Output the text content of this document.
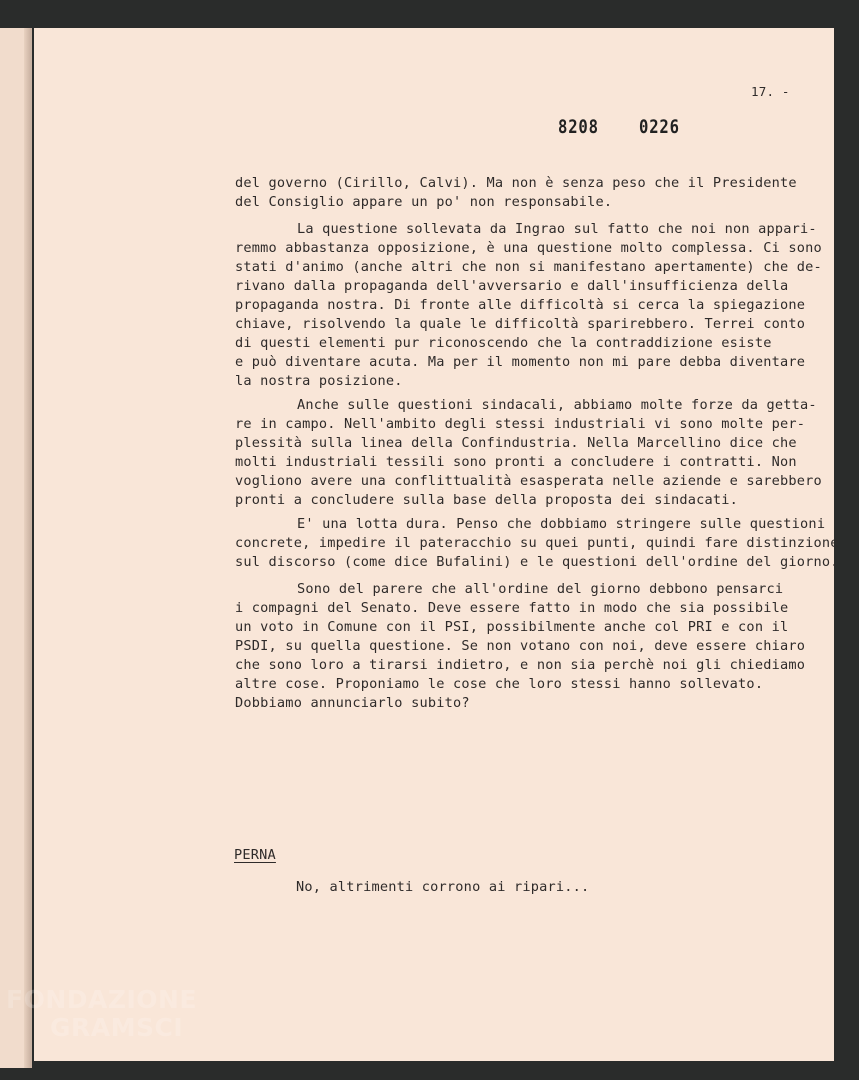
17. -
8208 0226
del governo (Cirillo, Calvi). Ma non è senza peso che il Presidente
del Consiglio appare un po' non responsabile.
La questione sollevata da Ingrao sul fatto che noi non appari-
remmo abbastanza opposizione, è una questione molto complessa. Ci sono
stati d'animo (anche altri che non si manifestano apertamente) che de-
rivano dalla propaganda dell'avversario e dall'insufficienza della
propaganda nostra. Di fronte alle difficoltà si cerca la spiegazione
chiave, risolvendo la quale le difficoltà sparirebbero. Terrei conto
di questi elementi pur riconoscendo che la contraddizione esiste
e può diventare acuta. Ma per il momento non mi pare debba diventare
la nostra posizione.
Anche sulle questioni sindacali, abbiamo molte forze da getta-
re in campo. Nell'ambito degli stessi industriali vi sono molte per-
plessità sulla linea della Confindustria. Nella Marcellino dice che
molti industriali tessili sono pronti a concludere i contratti. Non
vogliono avere una conflittualità esasperata nelle aziende e sarebbero
pronti a concludere sulla base della proposta dei sindacati.
E' una lotta dura. Penso che dobbiamo stringere sulle questioni
concrete, impedire il pateracchio su quei punti, quindi fare distinzione
sul discorso (come dice Bufalini) e le questioni dell'ordine del giorno.
Sono del parere che all'ordine del giorno debbono pensarci
i compagni del Senato. Deve essere fatto in modo che sia possibile
un voto in Comune con il PSI, possibilmente anche col PRI e con il
PSDI, su quella questione. Se non votano con noi, deve essere chiaro
che sono loro a tirarsi indietro, e non sia perchè noi gli chiediamo
altre cose. Proponiamo le cose che loro stessi hanno sollevato.
Dobbiamo annunciarlo subito?
PERNA
No, altrimenti corrono ai ripari...
FONDAZIONE
GRAMSCI
